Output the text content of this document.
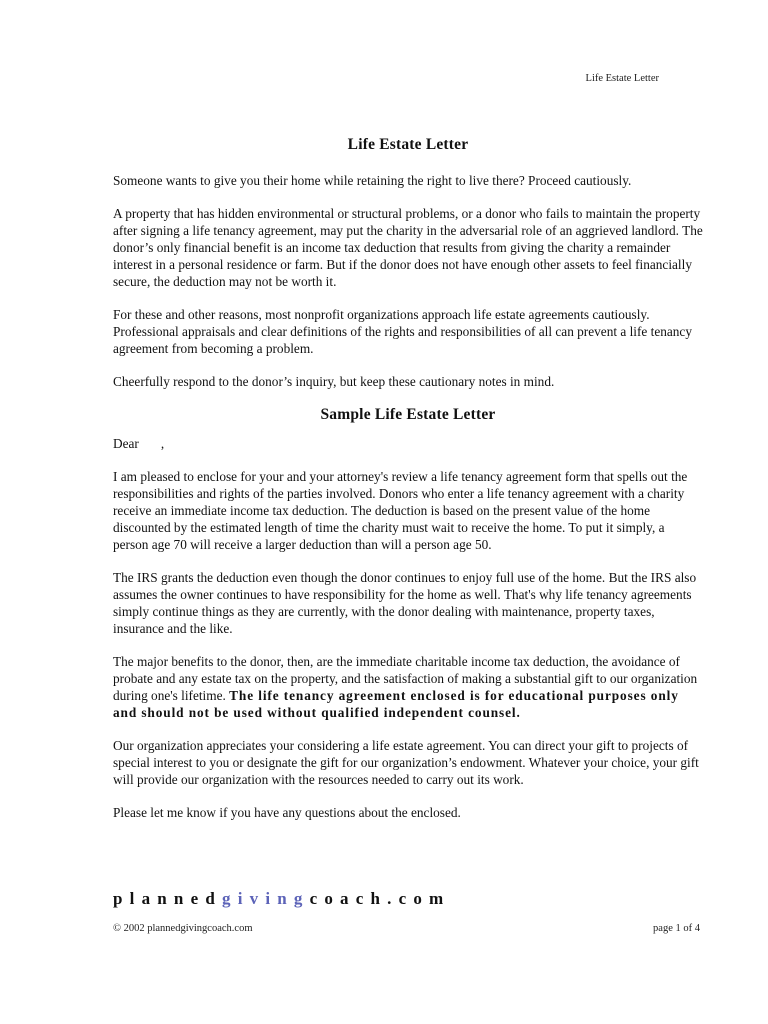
Life Estate Letter
Life Estate Letter

Someone wants to give you their home while retaining the right to live there? Proceed cautiously.

A property that has hidden environmental or structural problems, or a donor who fails to maintain the property after signing a life tenancy agreement, may put the charity in the adversarial role of an aggrieved landlord. The donor’s only financial benefit is an income tax deduction that results from giving the charity a remainder interest in a personal residence or farm. But if the donor does not have enough other assets to feel financially secure, the deduction may not be worth it.

For these and other reasons, most nonprofit organizations approach life estate agreements cautiously. Professional appraisals and clear definitions of the rights and responsibilities of all can prevent a life tenancy agreement from becoming a problem.

Cheerfully respond to the donor’s inquiry, but keep these cautionary notes in mind.

Sample Life Estate Letter

Dear ,

I am pleased to enclose for your and your attorney's review a life tenancy agreement form that spells out the responsibilities and rights of the parties involved. Donors who enter a life tenancy agreement with a charity receive an immediate income tax deduction. The deduction is based on the present value of the home discounted by the estimated length of time the charity must wait to receive the home. To put it simply, a person age 70 will receive a larger deduction than will a person age 50.

The IRS grants the deduction even though the donor continues to enjoy full use of the home. But the IRS also assumes the owner continues to have responsibility for the home as well. That's why life tenancy agreements simply continue things as they are currently, with the donor dealing with maintenance, property taxes, insurance and the like.

The major benefits to the donor, then, are the immediate charitable income tax deduction, the avoidance of probate and any estate tax on the property, and the satisfaction of making a substantial gift to our organization during one's lifetime. The life tenancy agreement enclosed is for educational purposes only and should not be used without qualified independent counsel.

Our organization appreciates your considering a life estate agreement. You can direct your gift to projects of special interest to you or designate the gift for our organization’s endowment. Whatever your choice, your gift will provide our organization with the resources needed to carry out its work.

Please let me know if you have any questions about the enclosed.

plannedgivingcoach.com
© 2002 plannedgivingcoach.com	page 1 of 4
